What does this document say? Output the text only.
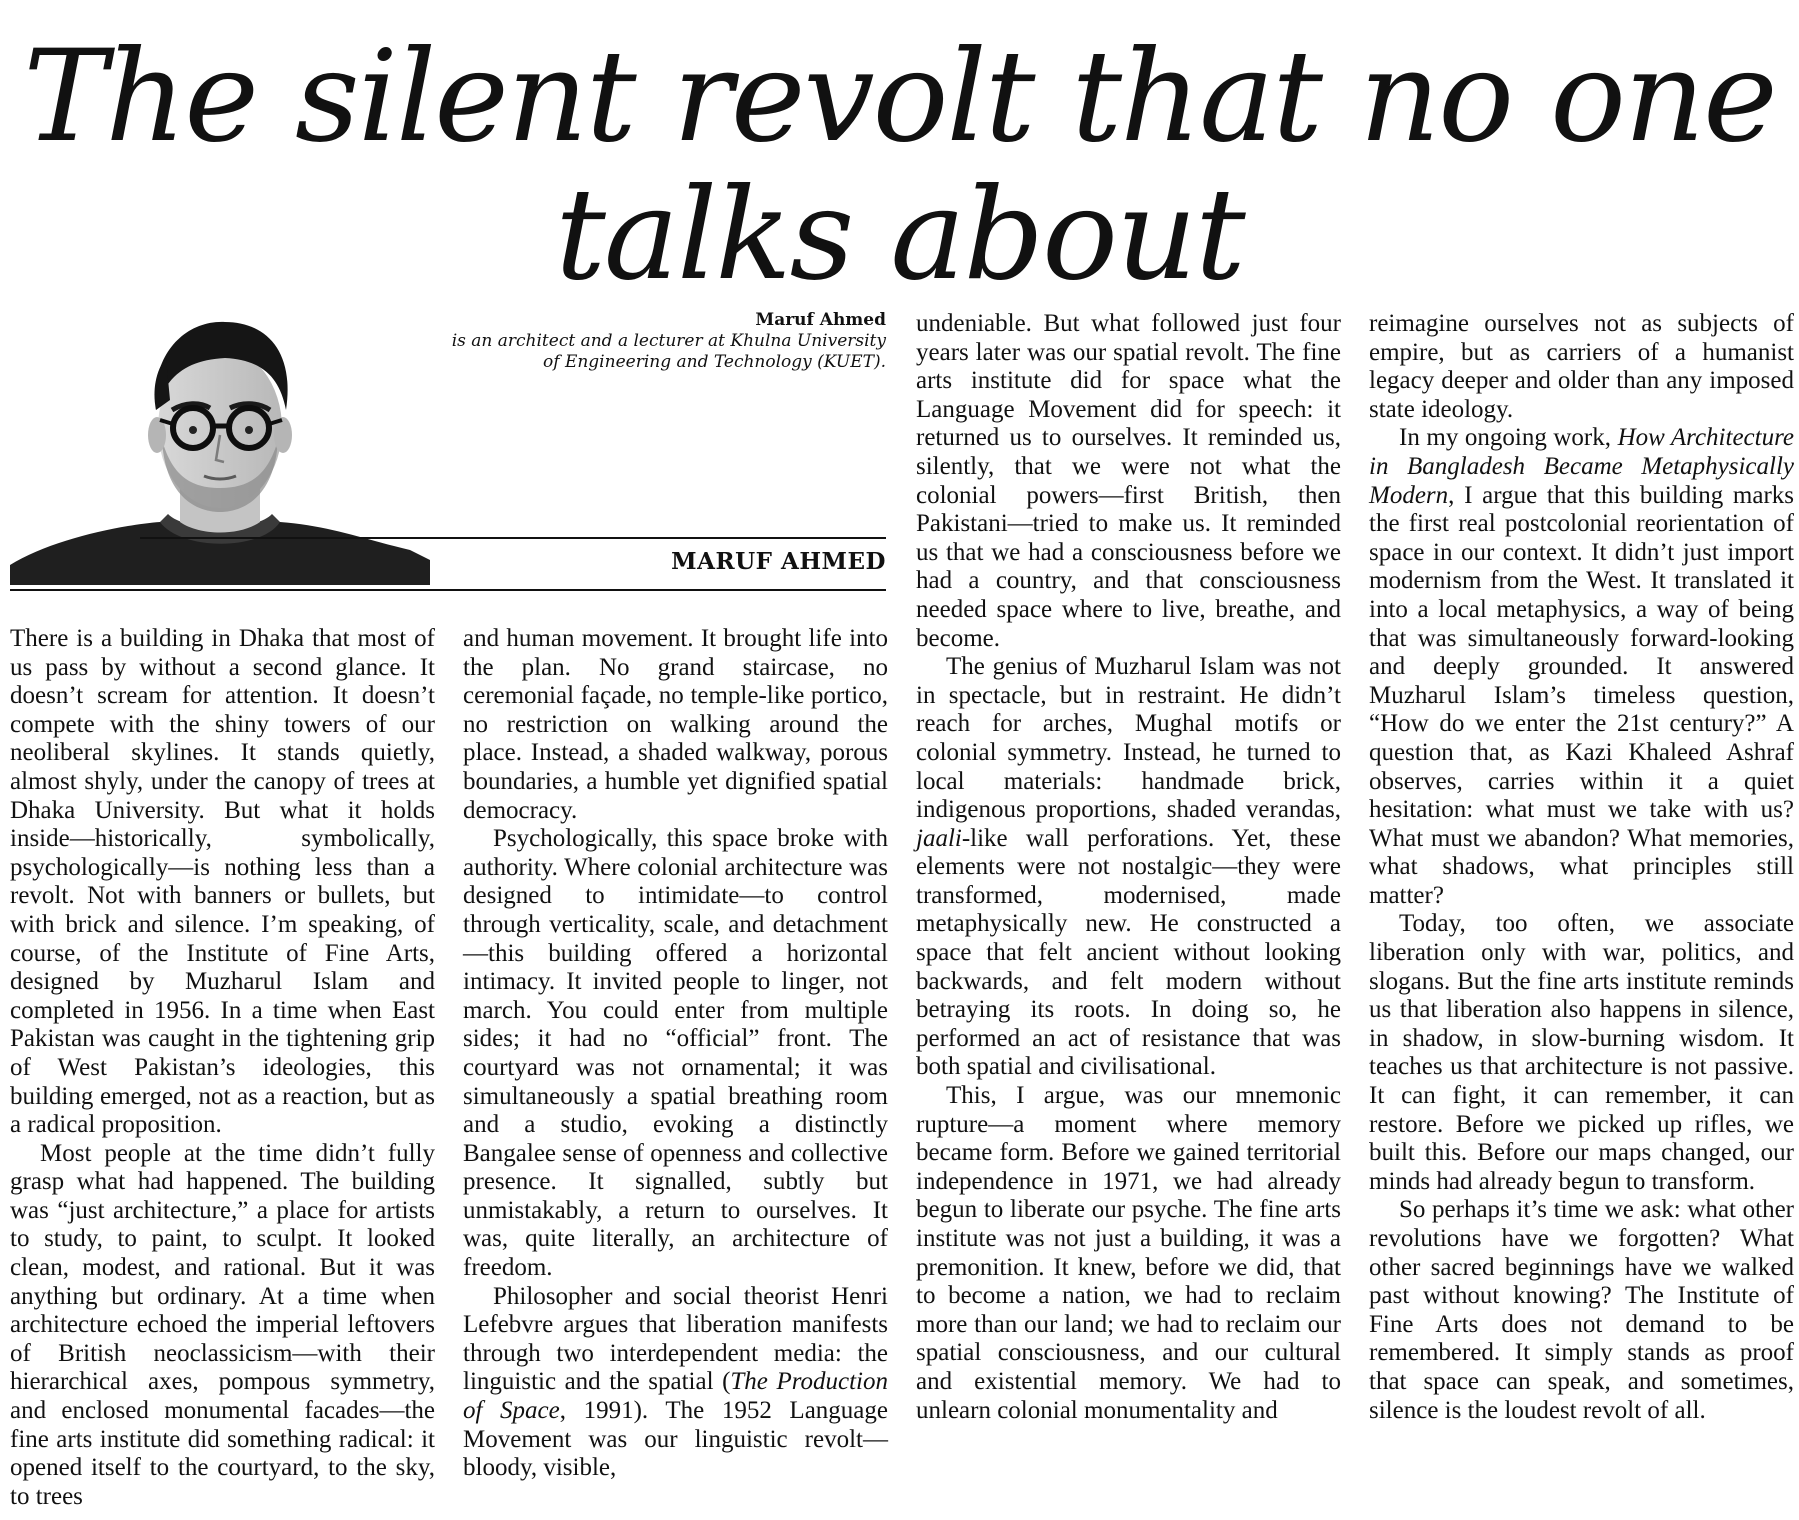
The silent revolt that no one talks about
Maruf Ahmed
is an architect and a lecturer at Khulna University of Engineering and Technology (KUET).
MARUF AHMED

There is a building in Dhaka that most of us pass by without a second glance. It doesn’t scream for attention. It doesn’t compete with the shiny towers of our neoliberal skylines. It stands quietly, almost shyly, under the canopy of trees at Dhaka University. But what it holds inside—historically, symbolically, psychologically—is nothing less than a revolt. Not with banners or bullets, but with brick and silence. I’m speaking, of course, of the Institute of Fine Arts, designed by Muzharul Islam and completed in 1956. In a time when East Pakistan was caught in the tightening grip of West Pakistan’s ideologies, this building emerged, not as a reaction, but as a radical proposition.

Most people at the time didn’t fully grasp what had happened. The building was “just architecture,” a place for artists to study, to paint, to sculpt. It looked clean, modest, and rational. But it was anything but ordinary. At a time when architecture echoed the imperial leftovers of British neoclassicism—with their hierarchical axes, pompous symmetry, and enclosed monumental facades—the fine arts institute did something radical: it opened itself to the courtyard, to the sky, to trees

and human movement. It brought life into the plan. No grand staircase, no ceremonial façade, no temple-like portico, no restriction on walking around the place. Instead, a shaded walkway, porous boundaries, a humble yet dignified spatial democracy.

Psychologically, this space broke with authority. Where colonial architecture was designed to intimidate—to control through verticality, scale, and detachment—this building offered a horizontal intimacy. It invited people to linger, not march. You could enter from multiple sides; it had no “official” front. The courtyard was not ornamental; it was simultaneously a spatial breathing room and a studio, evoking a distinctly Bangalee sense of openness and collective presence. It signalled, subtly but unmistakably, a return to ourselves. It was, quite literally, an architecture of freedom.

Philosopher and social theorist Henri Lefebvre argues that liberation manifests through two interdependent media: the linguistic and the spatial (The Production of Space, 1991). The 1952 Language Movement was our linguistic revolt—bloody, visible,

undeniable. But what followed just four years later was our spatial revolt. The fine arts institute did for space what the Language Movement did for speech: it returned us to ourselves. It reminded us, silently, that we were not what the colonial powers—first British, then Pakistani—tried to make us. It reminded us that we had a consciousness before we had a country, and that consciousness needed space where to live, breathe, and become.

The genius of Muzharul Islam was not in spectacle, but in restraint. He didn’t reach for arches, Mughal motifs or colonial symmetry. Instead, he turned to local materials: handmade brick, indigenous proportions, shaded verandas, jaali-like wall perforations. Yet, these elements were not nostalgic—they were transformed, modernised, made metaphysically new. He constructed a space that felt ancient without looking backwards, and felt modern without betraying its roots. In doing so, he performed an act of resistance that was both spatial and civilisational.

This, I argue, was our mnemonic rupture—a moment where memory became form. Before we gained territorial independence in 1971, we had already begun to liberate our psyche. The fine arts institute was not just a building, it was a premonition. It knew, before we did, that to become a nation, we had to reclaim more than our land; we had to reclaim our spatial consciousness, and our cultural and existential memory. We had to unlearn colonial monumentality and

reimagine ourselves not as subjects of empire, but as carriers of a humanist legacy deeper and older than any imposed state ideology.

In my ongoing work, How Architecture in Bangladesh Became Metaphysically Modern, I argue that this building marks the first real postcolonial reorientation of space in our context. It didn’t just import modernism from the West. It translated it into a local metaphysics, a way of being that was simultaneously forward-looking and deeply grounded. It answered Muzharul Islam’s timeless question, “How do we enter the 21st century?” A question that, as Kazi Khaleed Ashraf observes, carries within it a quiet hesitation: what must we take with us? What must we abandon? What memories, what shadows, what principles still matter?

Today, too often, we associate liberation only with war, politics, and slogans. But the fine arts institute reminds us that liberation also happens in silence, in shadow, in slow-burning wisdom. It teaches us that architecture is not passive. It can fight, it can remember, it can restore. Before we picked up rifles, we built this. Before our maps changed, our minds had already begun to transform.

So perhaps it’s time we ask: what other revolutions have we forgotten? What other sacred beginnings have we walked past without knowing? The Institute of Fine Arts does not demand to be remembered. It simply stands as proof that space can speak, and sometimes, silence is the loudest revolt of all.
